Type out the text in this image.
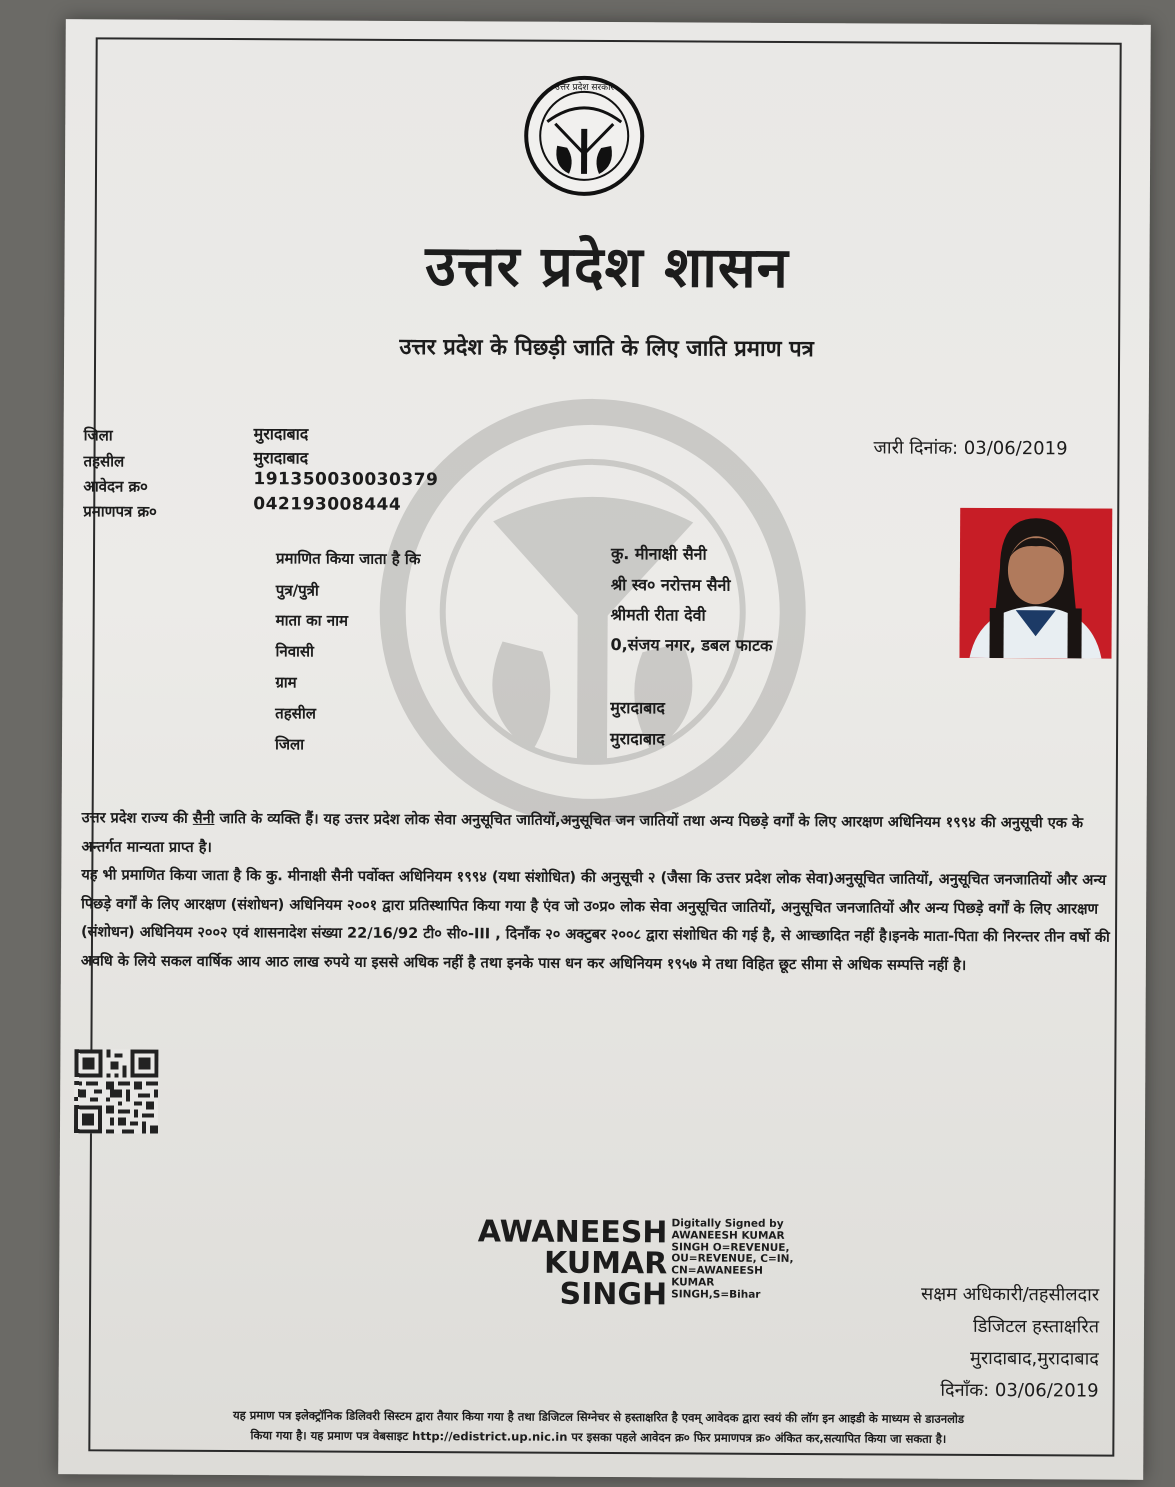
उत्तर प्रदेश सरकार
उत्तर प्रदेश शासन
उत्तर प्रदेश के पिछड़ी जाति के लिए जाति प्रमाण पत्र
जिला	मुरादाबाद
तहसील	मुरादाबाद
आवेदन क्र०	191350030030379
प्रमाणपत्र क्र०	042193008444
जारी दिनांक: 03/06/2019
प्रमाणित किया जाता है कि	कु. मीनाक्षी सैनी
पुत्र/पुत्री	श्री स्व० नरोत्तम सैनी
माता का नाम	श्रीमती रीता देवी
निवासी	0,संजय नगर, डबल फाटक
ग्राम
तहसील	मुरादाबाद
जिला	मुरादाबाद
उत्तर प्रदेश राज्य की सैनी जाति के व्यक्ति हैं। यह उत्तर प्रदेश लोक सेवा अनुसूचित जातियों,अनुसूचित जन जातियों तथा अन्य पिछड़े वर्गों के लिए आरक्षण अधिनियम १९९४ की अनुसूची एक के अन्तर्गत मान्यता प्राप्त है।
यह भी प्रमाणित किया जाता है कि कु. मीनाक्षी सैनी पर्वोक्त अधिनियम १९९४ (यथा संशोधित) की अनुसूची २ (जैसा कि उत्तर प्रदेश लोक सेवा)अनुसूचित जातियों, अनुसूचित जनजातियों और अन्य पिछड़े वर्गों के लिए आरक्षण (संशोधन) अधिनियम २००१ द्वारा प्रतिस्थापित किया गया है एंव जो उ०प्र० लोक सेवा अनुसूचित जातियों, अनुसूचित जनजातियों और अन्य पिछड़े वर्गों के लिए आरक्षण (संशोधन) अधिनियम २००२ एवं शासनादेश संख्या 22/16/92 टी० सी०-III , दिनाँक २० अक्टुबर २००८ द्वारा संशोधित की गई है, से आच्छादित नहीं है।इनके माता-पिता की निरन्तर तीन वर्षो की अवधि के लिये सकल वार्षिक आय आठ लाख रुपये या इससे अधिक नहीं है तथा इनके पास धन कर अधिनियम १९५७ मे तथा विहित छूट सीमा से अधिक सम्पत्ति नहीं है।
AWANEESH
KUMAR
SINGH
Digitally Signed by
AWANEESH KUMAR
SINGH O=REVENUE,
OU=REVENUE, C=IN,
CN=AWANEESH
KUMAR
SINGH,S=Bihar	सक्षम अधिकारी/तहसीलदार
डिजिटल हस्ताक्षरित
मुरादाबाद,मुरादाबाद
दिनाँक: 03/06/2019
यह प्रमाण पत्र इलेक्ट्रॉनिक डिलिवरी सिस्टम द्वारा तैयार किया गया है तथा डिजिटल सिग्नेचर से हस्ताक्षरित है एवम् आवेदक द्वारा स्वयं की लॉग इन आइडी के माध्यम से डाउनलोड
किया गया है। यह प्रमाण पत्र वेबसाइट http://edistrict.up.nic.in पर इसका पहले आवेदन क्र० फिर प्रमाणपत्र क्र० अंकित कर,सत्यापित किया जा सकता है।
